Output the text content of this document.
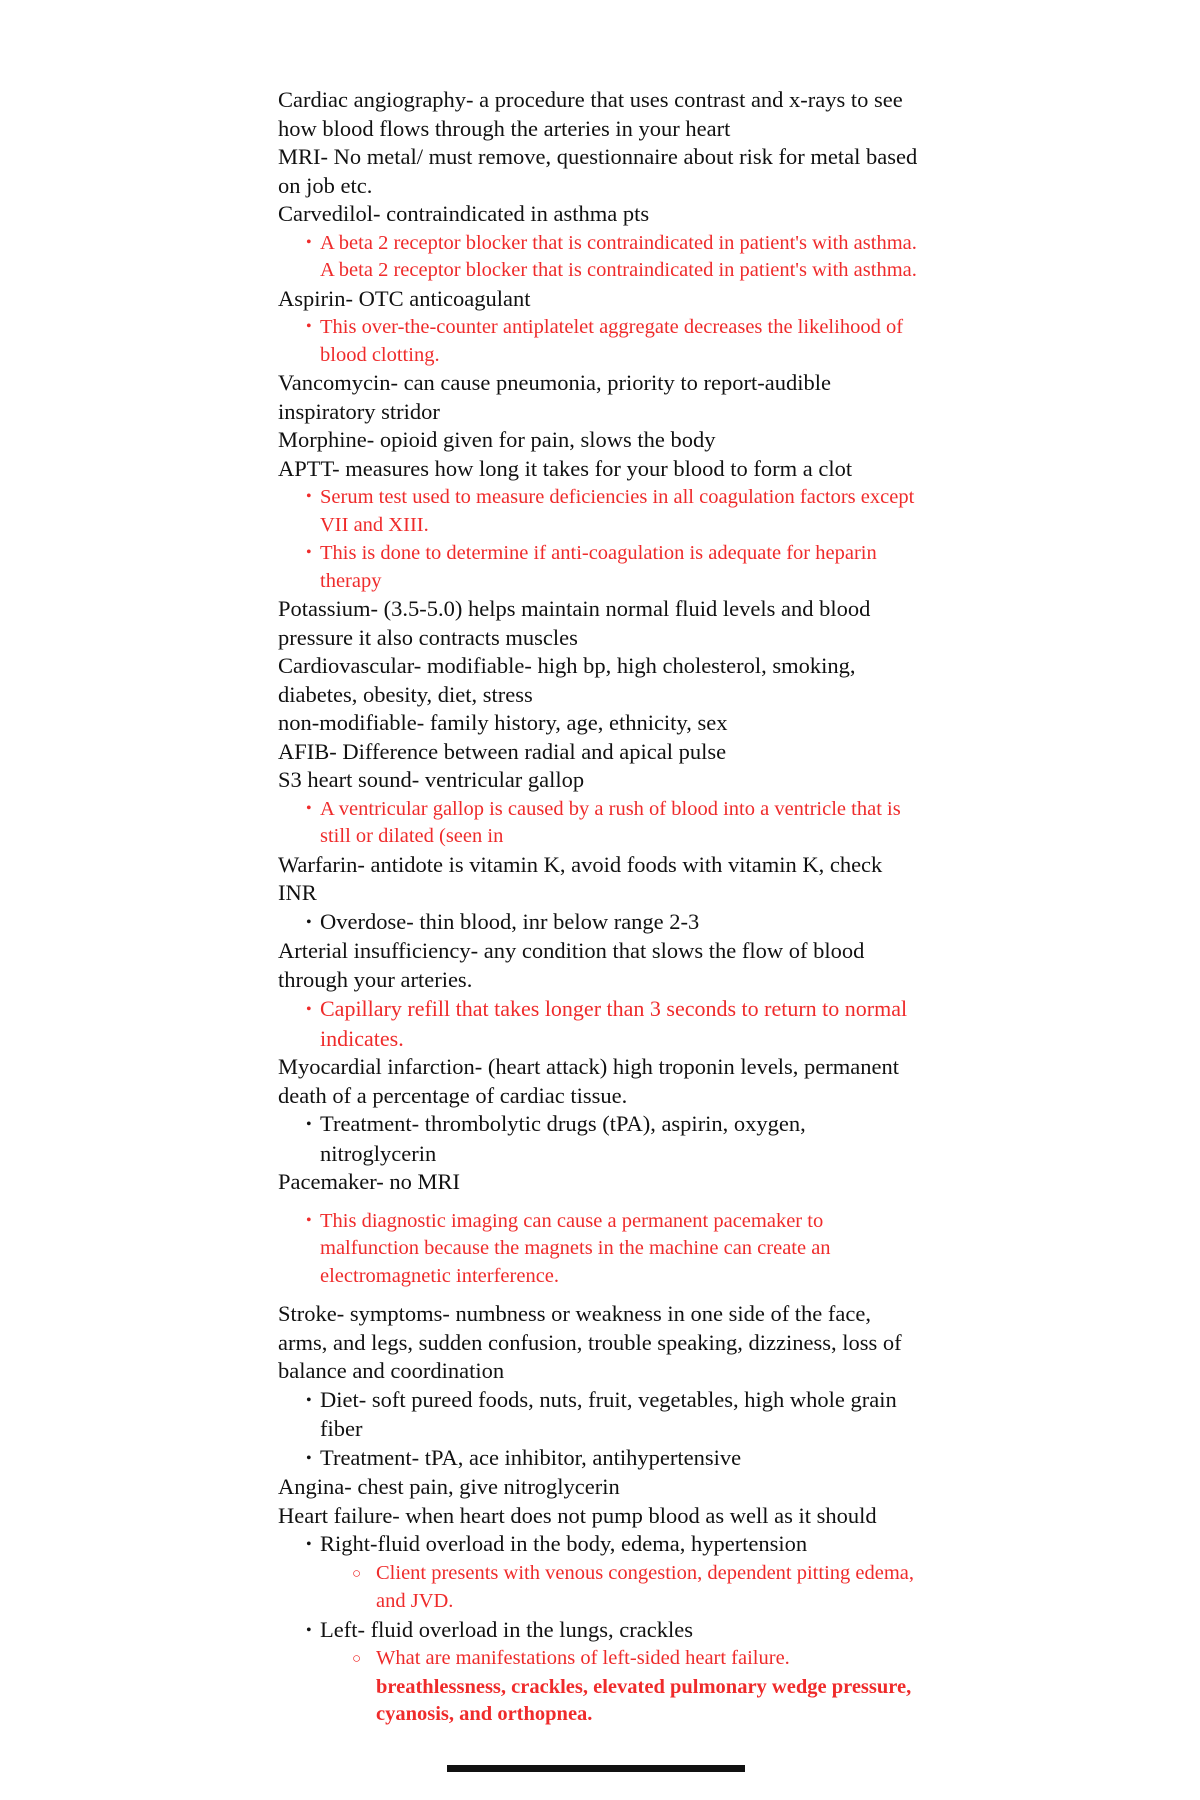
Cardiac angiography- a procedure that uses contrast and x-rays to see how blood flows through the arteries in your heart

MRI- No metal/ must remove, questionnaire about risk for metal based on job etc.

Carvedilol- contraindicated in asthma pts

• A beta 2 receptor blocker that is contraindicated in patient's with asthma. A beta 2 receptor blocker that is contraindicated in patient's with asthma.

Aspirin- OTC anticoagulant

• This over-the-counter antiplatelet aggregate decreases the likelihood of blood clotting.

Vancomycin- can cause pneumonia, priority to report-audible inspiratory stridor

Morphine- opioid given for pain, slows the body

APTT- measures how long it takes for your blood to form a clot

• Serum test used to measure deficiencies in all coagulation factors except VII and XIII.

• This is done to determine if anti-coagulation is adequate for heparin therapy

Potassium- (3.5-5.0) helps maintain normal fluid levels and blood pressure it also contracts muscles

Cardiovascular- modifiable- high bp, high cholesterol, smoking, diabetes, obesity, diet, stress

non-modifiable- family history, age, ethnicity, sex

AFIB- Difference between radial and apical pulse

S3 heart sound- ventricular gallop

• A ventricular gallop is caused by a rush of blood into a ventricle that is still or dilated (seen in

Warfarin- antidote is vitamin K, avoid foods with vitamin K, check INR

• Overdose- thin blood, inr below range 2-3

Arterial insufficiency- any condition that slows the flow of blood through your arteries.

• Capillary refill that takes longer than 3 seconds to return to normal indicates.

Myocardial infarction- (heart attack) high troponin levels, permanent death of a percentage of cardiac tissue.

• Treatment- thrombolytic drugs (tPA), aspirin, oxygen, nitroglycerin

Pacemaker- no MRI

• This diagnostic imaging can cause a permanent pacemaker to malfunction because the magnets in the machine can create an electromagnetic interference.

Stroke- symptoms- numbness or weakness in one side of the face, arms, and legs, sudden confusion, trouble speaking, dizziness, loss of balance and coordination

• Diet- soft pureed foods, nuts, fruit, vegetables, high whole grain fiber

• Treatment- tPA, ace inhibitor, antihypertensive

Angina- chest pain, give nitroglycerin

Heart failure- when heart does not pump blood as well as it should

• Right-fluid overload in the body, edema, hypertension

○ Client presents with venous congestion, dependent pitting edema, and JVD.

• Left- fluid overload in the lungs, crackles

○ What are manifestations of left-sided heart failure.

breathlessness, crackles, elevated pulmonary wedge pressure, cyanosis, and orthopnea.
